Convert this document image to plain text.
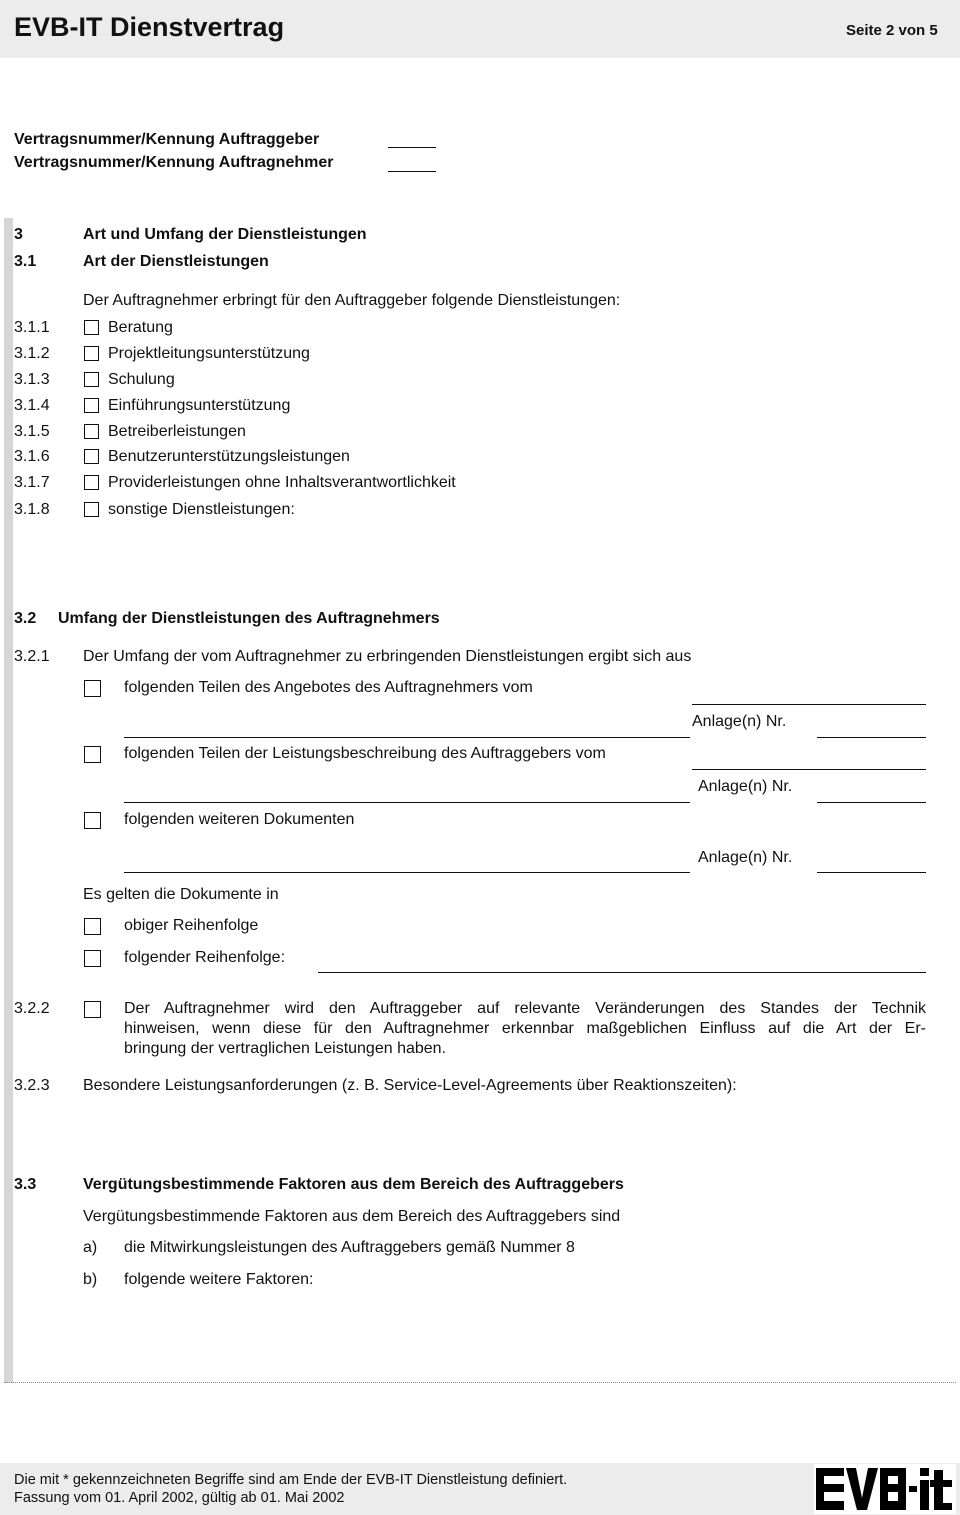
EVB-IT Dienstvertrag	Seite 2 von 5
Vertragsnummer/Kennung Auftraggeber
Vertragsnummer/Kennung Auftragnehmer
3	Art und Umfang der Dienstleistungen
3.1	Art der Dienstleistungen
Der Auftragnehmer erbringt für den Auftraggeber folgende Dienstleistungen:
3.1.1	Beratung
3.1.2	Projektleitungsunterstützung
3.1.3	Schulung
3.1.4	Einführungsunterstützung
3.1.5	Betreiberleistungen
3.1.6	Benutzerunterstützungsleistungen
3.1.7	Providerleistungen ohne Inhaltsverantwortlichkeit
3.1.8	sonstige Dienstleistungen:
3.2 Umfang der Dienstleistungen des Auftragnehmers
3.2.1 Der Umfang der vom Auftragnehmer zu erbringenden Dienstleistungen ergibt sich aus
folgenden Teilen des Angebotes des Auftragnehmers vom
Anlage(n) Nr.
folgenden Teilen der Leistungsbeschreibung des Auftraggebers vom
Anlage(n) Nr.
folgenden weiteren Dokumenten
Anlage(n) Nr.
Es gelten die Dokumente in
obiger Reihenfolge
folgender Reihenfolge:
3.2.2	Der Auftragnehmer wird den Auftraggeber auf relevante Veränderungen des Standes der Technik
hinweisen, wenn diese für den Auftragnehmer erkennbar maßgeblichen Einfluss auf die Art der Er-
bringung der vertraglichen Leistungen haben.
3.2.3 Besondere Leistungsanforderungen (z. B. Service-Level-Agreements über Reaktionszeiten):
3.3	Vergütungsbestimmende Faktoren aus dem Bereich des Auftraggebers
Vergütungsbestimmende Faktoren aus dem Bereich des Auftraggebers sind
a) die Mitwirkungsleistungen des Auftraggebers gemäß Nummer 8
b) folgende weitere Faktoren:
Die mit * gekennzeichneten Begriffe sind am Ende der EVB-IT Dienstleistung definiert.
Fassung vom 01. April 2002, gültig ab 01. Mai 2002
